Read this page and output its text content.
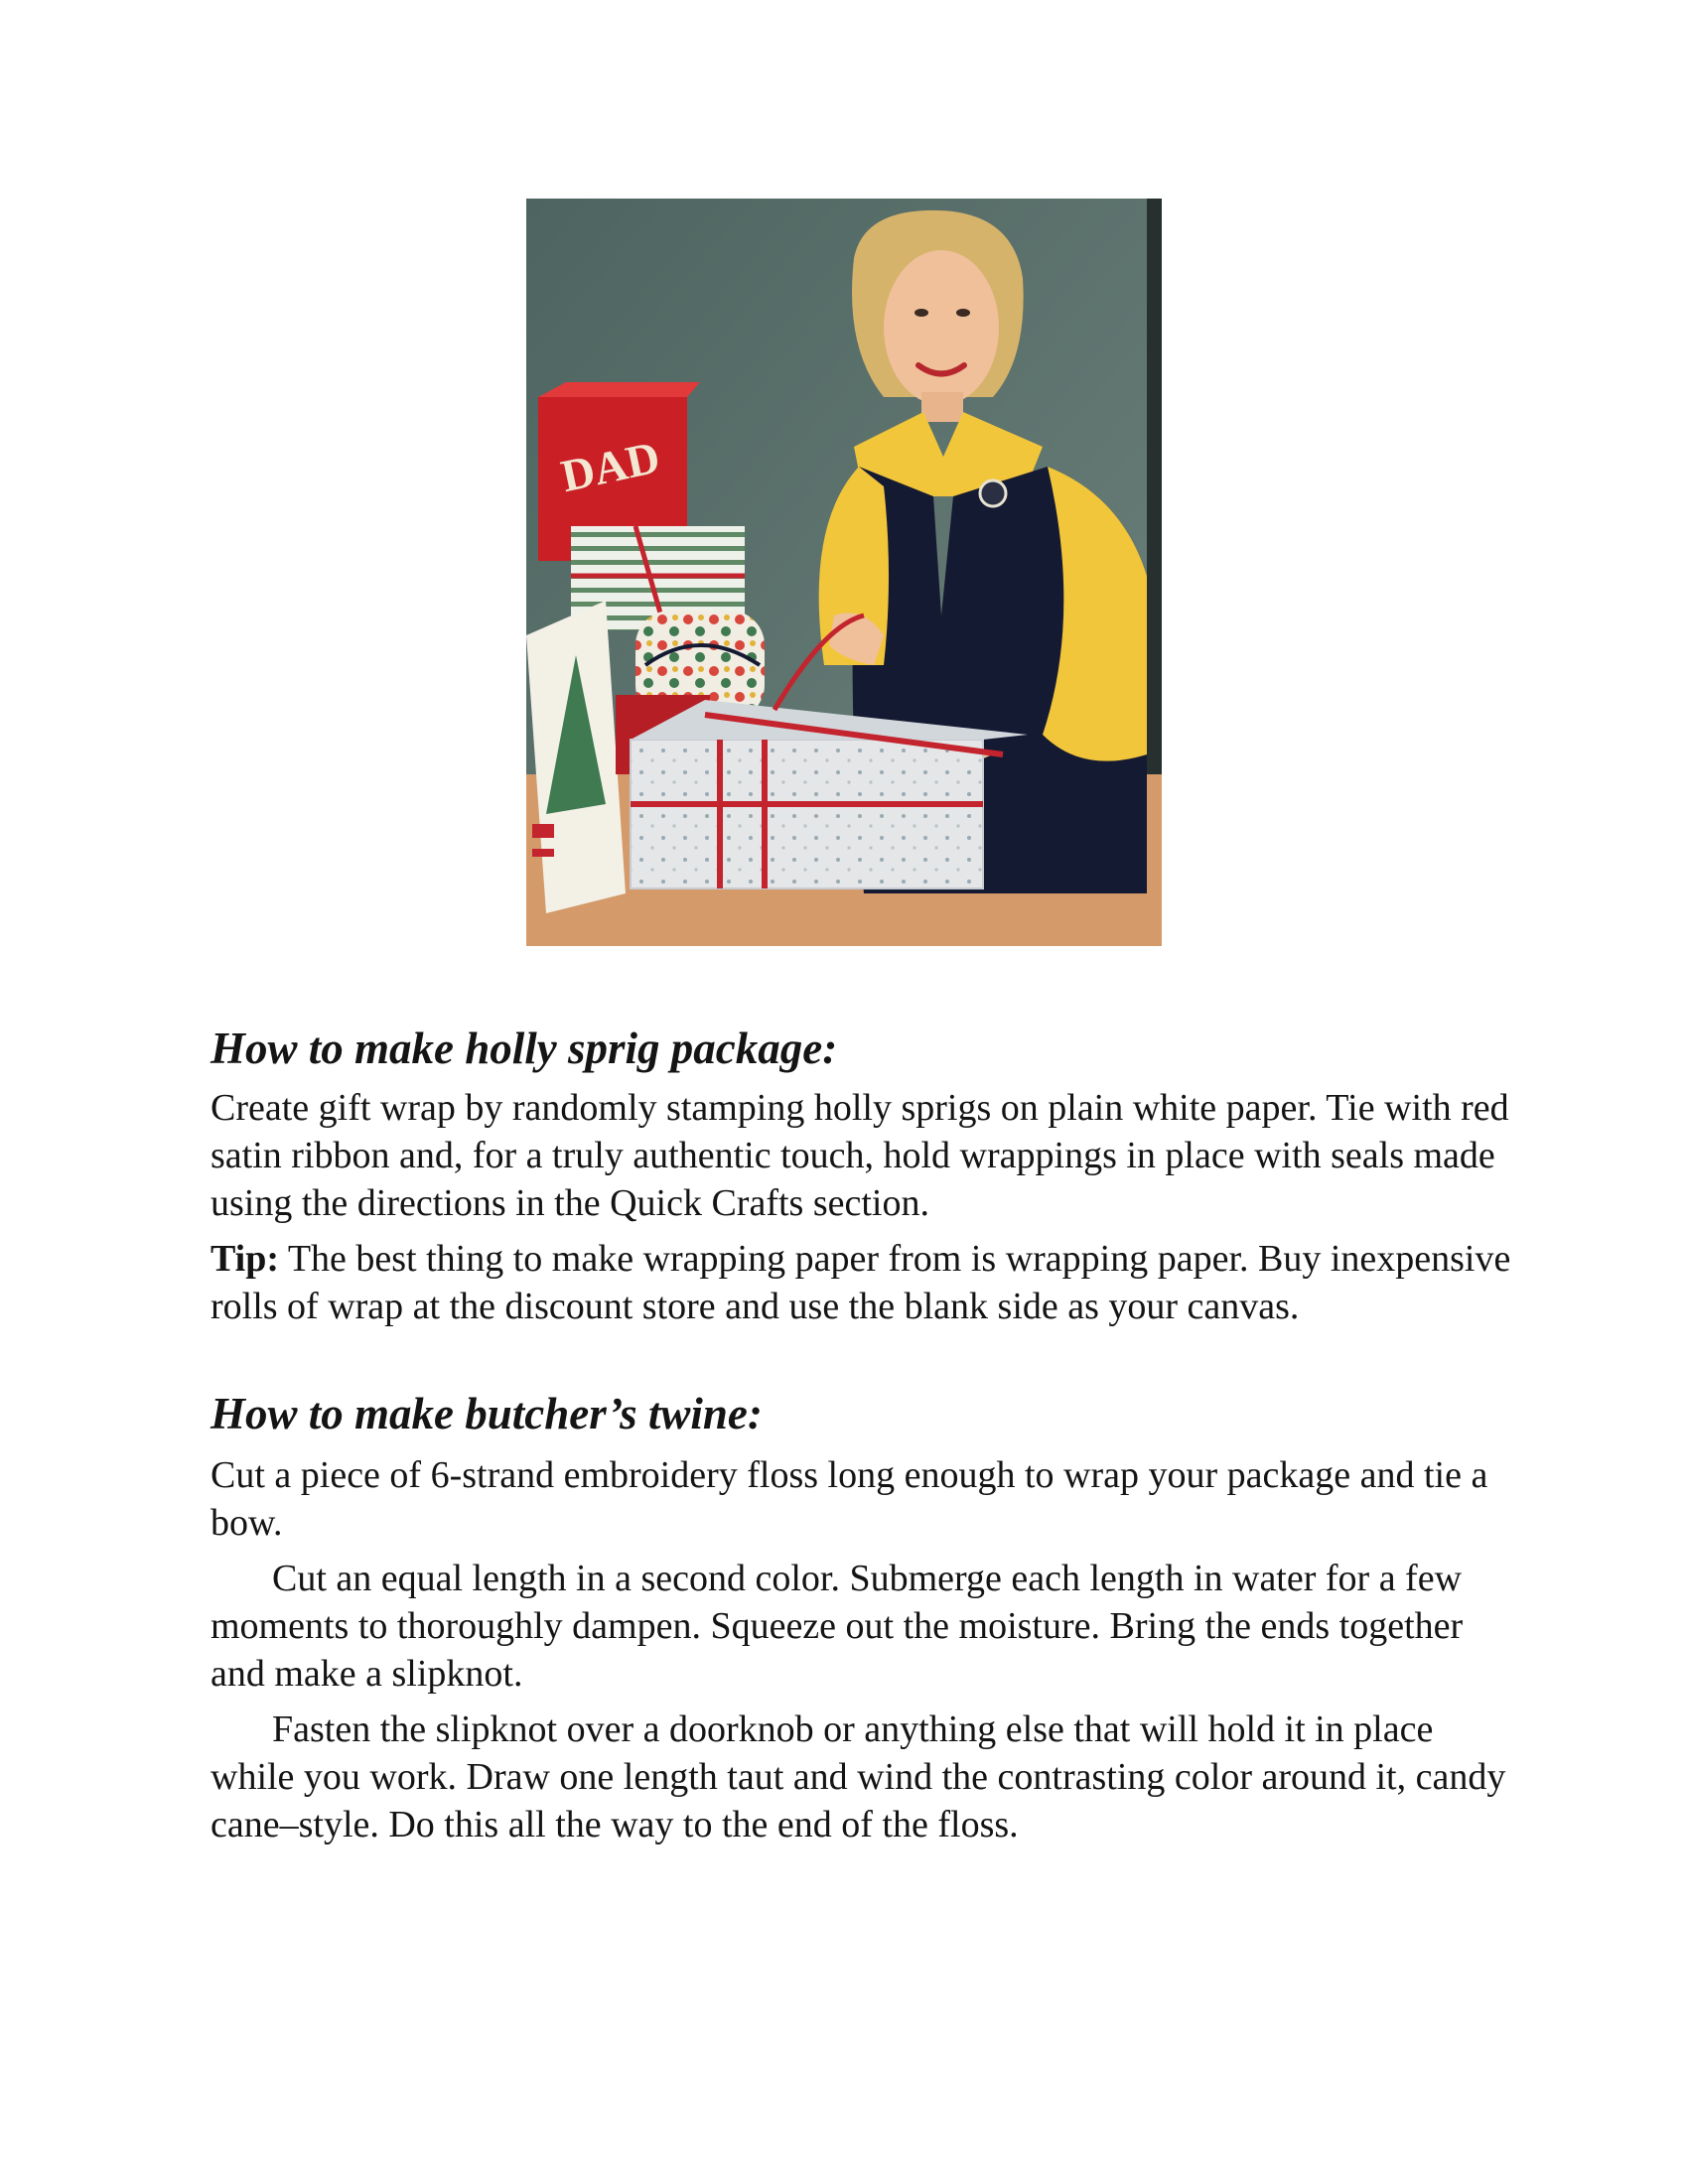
DAD
How to make holly sprig package:

Create gift wrap by randomly stamping holly sprigs on plain white paper. Tie with red satin ribbon and, for a truly authentic touch, hold wrappings in place with seals made using the directions in the Quick Crafts section.

Tip: The best thing to make wrapping paper from is wrapping paper. Buy inexpensive rolls of wrap at the discount store and use the blank side as your canvas.

How to make butcher’s twine:

Cut a piece of 6-strand embroidery floss long enough to wrap your package and tie a bow.

Cut an equal length in a second color. Submerge each length in water for a few moments to thoroughly dampen. Squeeze out the moisture. Bring the ends together and make a slipknot.

Fasten the slipknot over a doorknob or anything else that will hold it in place while you work. Draw one length taut and wind the contrasting color around it, candy cane–style. Do this all the way to the end of the floss.
